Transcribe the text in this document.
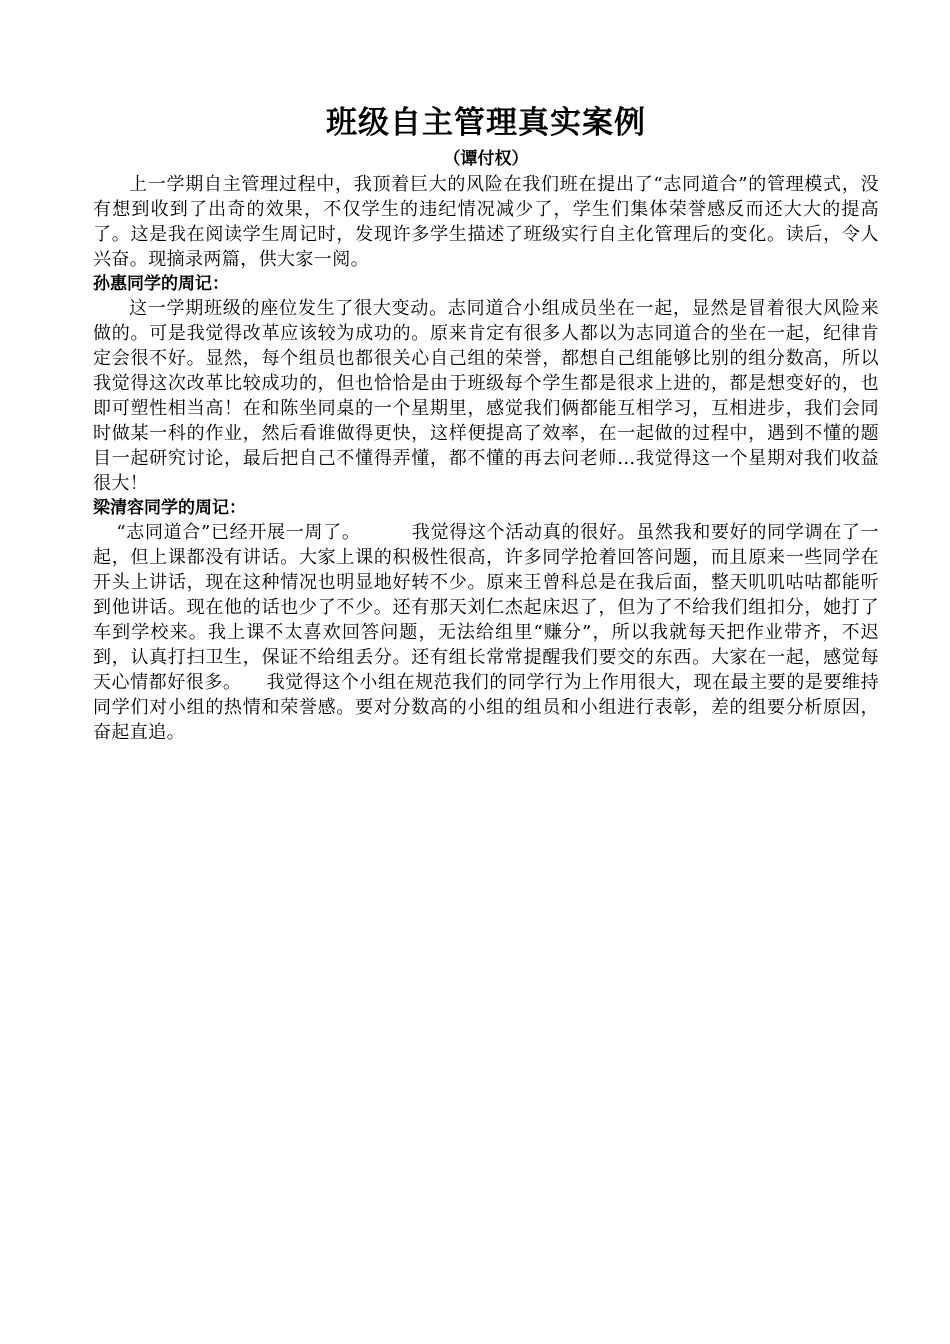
班级自主管理真实案例

（谭付权）

上一学期自主管理过程中，我顶着巨大的风险在我们班在提出了“志同道合”的管理模式，没有想到收到了出奇的效果，不仅学生的违纪情况减少了，学生们集体荣誉感反而还大大的提高了。这是我在阅读学生周记时，发现许多学生描述了班级实行自主化管理后的变化。读后，令人兴奋。现摘录两篇，供大家一阅。

孙惠同学的周记：

这一学期班级的座位发生了很大变动。志同道合小组成员坐在一起，显然是冒着很大风险来做的。可是我觉得改革应该较为成功的。原来肯定有很多人都以为志同道合的坐在一起，纪律肯定会很不好。显然，每个组员也都很关心自己组的荣誉，都想自己组能够比别的组分数高，所以我觉得这次改革比较成功的，但也恰恰是由于班级每个学生都是很求上进的，都是想变好的，也即可塑性相当高！在和陈坐同桌的一个星期里，感觉我们俩都能互相学习，互相进步，我们会同时做某一科的作业，然后看谁做得更快，这样便提高了效率，在一起做的过程中，遇到不懂的题目一起研究讨论，最后把自己不懂得弄懂，都不懂的再去问老师…我觉得这一个星期对我们收益很大！

梁清容同学的周记：

“志同道合”已经开展一周了。        我觉得这个活动真的很好。虽然我和要好的同学调在了一起，但上课都没有讲话。大家上课的积极性很高，许多同学抢着回答问题，而且原来一些同学在开头上讲话，现在这种情况也明显地好转不少。原来王曾科总是在我后面，整天叽叽咕咕都能听到他讲话。现在他的话也少了不少。还有那天刘仁杰起床迟了，但为了不给我们组扣分，她打了车到学校来。我上课不太喜欢回答问题，无法给组里“赚分”，所以我就每天把作业带齐，不迟到，认真打扫卫生，保证不给组丢分。还有组长常常提醒我们要交的东西。大家在一起，感觉每天心情都好很多。    我觉得这个小组在规范我们的同学行为上作用很大，现在最主要的是要维持同学们对小组的热情和荣誉感。要对分数高的小组的组员和小组进行表彰，差的组要分析原因，奋起直追。
